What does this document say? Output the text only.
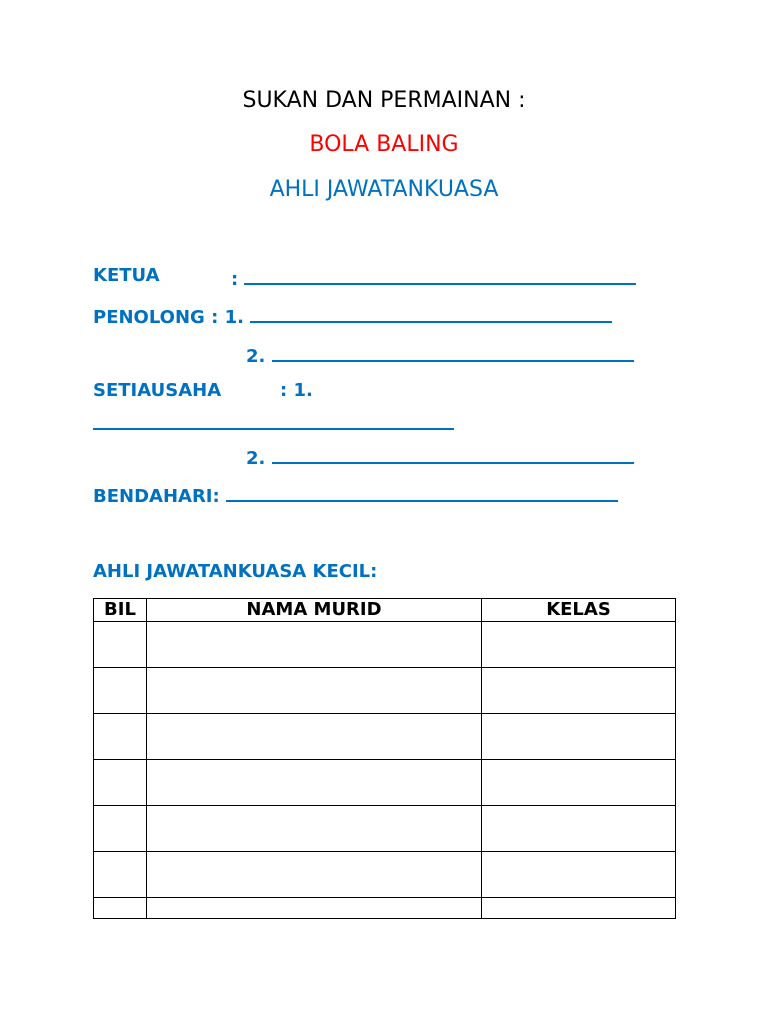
SUKAN DAN PERMAINAN :
BOLA BALING
AHLI JAWATANKUASA
KETUA	:
PENOLONG : 1.
2.
SETIAUSAHA	: 1.
2.
BENDAHARI:
AHLI JAWATANKUASA KECIL:
BIL	NAMA MURID	KELAS
